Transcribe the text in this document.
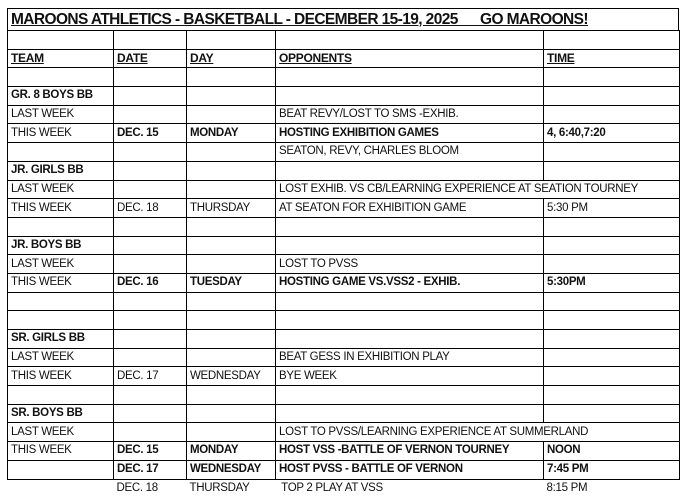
MAROONS ATHLETICS - BASKETBALL - DECEMBER 15-19, 2025      GO MAROONS!

TEAM	DATE	DAY	OPPONENTS	TIME

GR. 8 BOYS BB				
LAST WEEK			BEAT REVY/LOST TO SMS -EXHIB.	
THIS WEEK	DEC. 15	MONDAY	HOSTING EXHIBITION GAMES	4, 6:40,7:20
			SEATON, REVY, CHARLES BLOOM	
JR. GIRLS BB				
LAST WEEK			LOST EXHIB. VS CB/LEARNING EXPERIENCE AT SEATION TOURNEY	
THIS WEEK	DEC. 18	THURSDAY	AT SEATON FOR EXHIBITION GAME	5:30 PM

JR. BOYS BB				
LAST WEEK			LOST TO PVSS	
THIS WEEK	DEC. 16	TUESDAY	HOSTING GAME VS.VSS2 - EXHIB.	5:30PM

SR. GIRLS BB				
LAST WEEK			BEAT GESS IN EXHIBITION PLAY	
THIS WEEK	DEC. 17	WEDNESDAY	BYE WEEK	

SR. BOYS BB				
LAST WEEK			LOST TO PVSS/LEARNING EXPERIENCE AT SUMMERLAND	
THIS WEEK	DEC. 15	MONDAY	HOST VSS -BATTLE OF VERNON TOURNEY	NOON
	DEC. 17	WEDNESDAY	HOST PVSS - BATTLE OF VERNON	7:45 PM
	DEC. 18	THURSDAY	TOP 2 PLAY AT VSS	8:15 PM
